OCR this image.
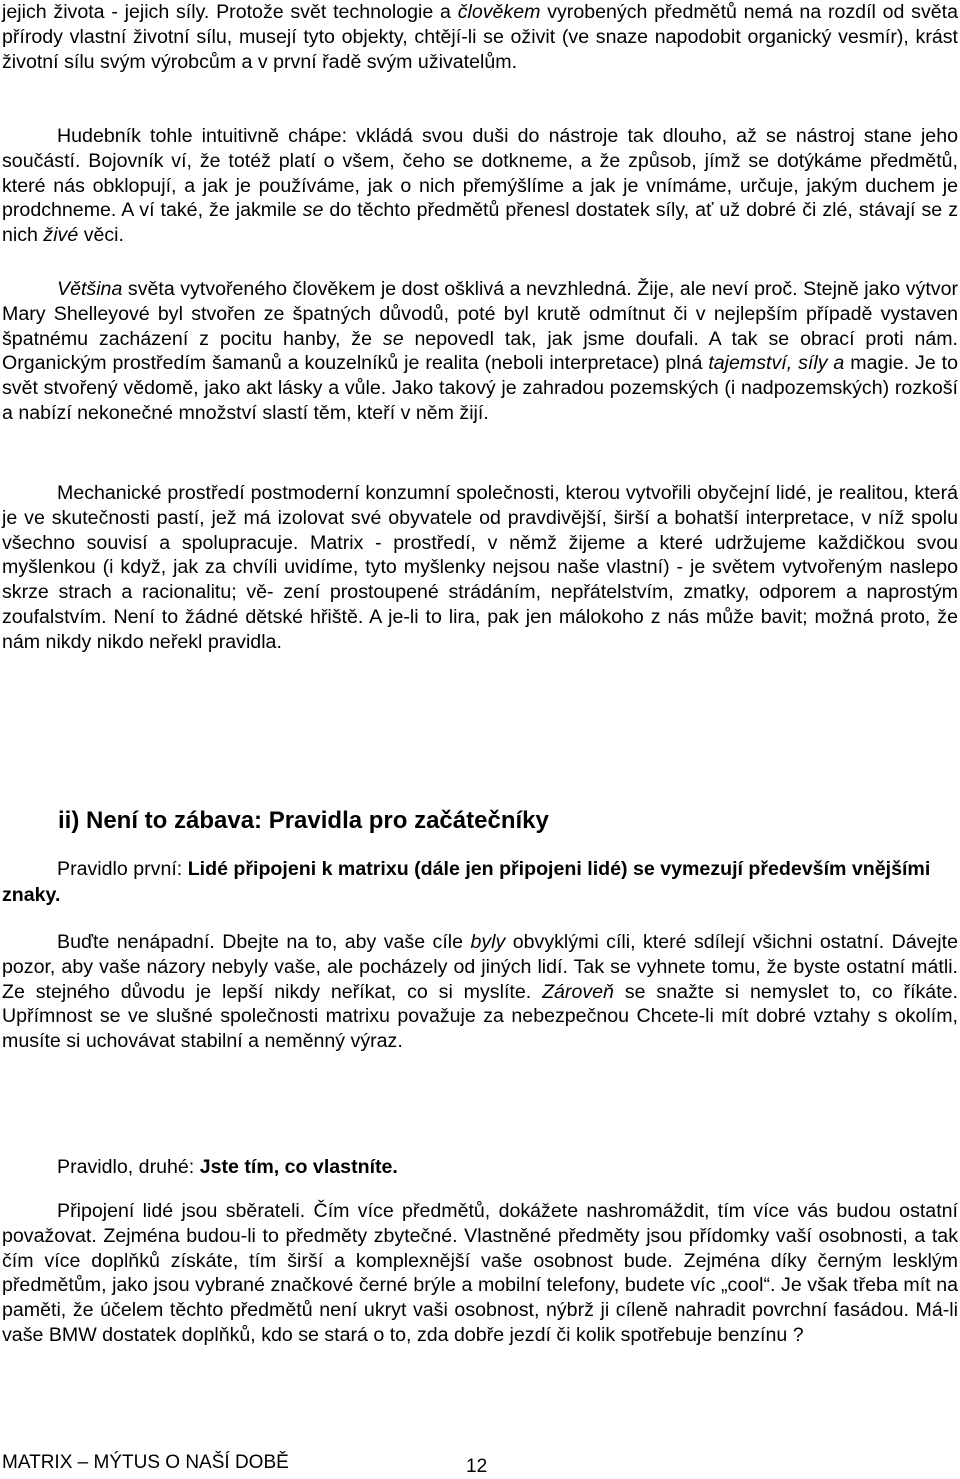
jejich života - jejich síly. Protože svět technologie a člověkem vyrobených předmětů nemá na rozdíl od světa přírody vlastní životní sílu, musejí tyto objekty, chtějí-li se oživit (ve snaze napodobit organický vesmír), krást životní sílu svým výrobcům a v první řadě svým uživatelům.

Hudebník tohle intuitivně chápe: vkládá svou duši do nástroje tak dlouho, až se nástroj stane jeho součástí. Bojovník ví, že totéž platí o všem, čeho se dotkneme, a že způsob, jímž se dotýkáme předmětů, které nás obklopují, a jak je používáme, jak o nich přemýšlíme a jak je vnímáme, určuje, jakým duchem je prodchneme. A ví také, že jakmile se do těchto předmětů přenesl dostatek síly, ať už dobré či zlé, stávají se z nich živé věci.

Většina světa vytvořeného člověkem je dost ošklivá a nevzhledná. Žije, ale neví proč. Stejně jako výtvor Mary Shelleyové byl stvořen ze špatných důvodů, poté byl krutě odmítnut či v nejlepším případě vystaven špatnému zacházení z pocitu hanby, že se nepovedl tak, jak jsme doufali. A tak se obrací proti nám. Organickým prostředím šamanů a kouzelníků je realita (neboli interpretace) plná tajemství, síly a magie. Je to svět stvořený vědomě, jako akt lásky a vůle. Jako takový je zahradou pozemských (i nadpozemských) rozkoší a nabízí nekonečné množství slastí těm, kteří v něm žijí.

Mechanické prostředí postmoderní konzumní společnosti, kterou vytvořili obyčejní lidé, je realitou, která je ve skutečnosti pastí, jež má izolovat své obyvatele od pravdivější, širší a bohatší interpretace, v níž spolu všechno souvisí a spolupracuje. Matrix - prostředí, v němž žijeme a které udržujeme každičkou svou myšlenkou (i když, jak za chvíli uvidíme, tyto myšlenky nejsou naše vlastní) - je světem vytvořeným naslepo skrze strach a racionalitu; vě- zení prostoupené strádáním, nepřátelstvím, zmatky, odporem a naprostým zoufalstvím. Není to žádné dětské hřiště. A je-li to lira, pak jen málokoho z nás může bavit; možná proto, že nám nikdy nikdo neřekl pravidla.

ii) Není to zábava: Pravidla pro začátečníky

Pravidlo první: Lidé připojeni k matrixu (dále jen připojeni lidé) se vymezují především vnějšími znaky.

Buďte nenápadní. Dbejte na to, aby vaše cíle byly obvyklými cíli, které sdílejí všichni ostatní. Dávejte pozor, aby vaše názory nebyly vaše, ale pocházely od jiných lidí. Tak se vyhnete tomu, že byste ostatní mátli. Ze stejného důvodu je lepší nikdy neříkat, co si myslíte. Zároveň se snažte si nemyslet to, co říkáte. Upřímnost se ve slušné společnosti matrixu považuje za nebezpečnou Chcete-li mít dobré vztahy s okolím, musíte si uchovávat stabilní a neměnný výraz.

Pravidlo, druhé: Jste tím, co vlastníte.

Připojení lidé jsou sběrateli. Čím více předmětů, dokážete nashromáždit, tím více vás budou ostatní považovat. Zejména budou-li to předměty zbytečné. Vlastněné předměty jsou přídomky vaší osobnosti, a tak čím více doplňků získáte, tím širší a komplexnější vaše osobnost bude. Zejména díky černým lesklým předmětům, jako jsou vybrané značkové černé brýle a mobilní telefony, budete víc „cool“. Je však třeba mít na paměti, že účelem těchto předmětů není ukryt vaši osobnost, nýbrž ji cíleně nahradit povrchní fasádou. Má-li vaše BMW dostatek doplňků, kdo se stará o to, zda dobře jezdí či kolik spotřebuje benzínu ?

MATRIX – MÝTUS O NAŠÍ DOBĚ	12
